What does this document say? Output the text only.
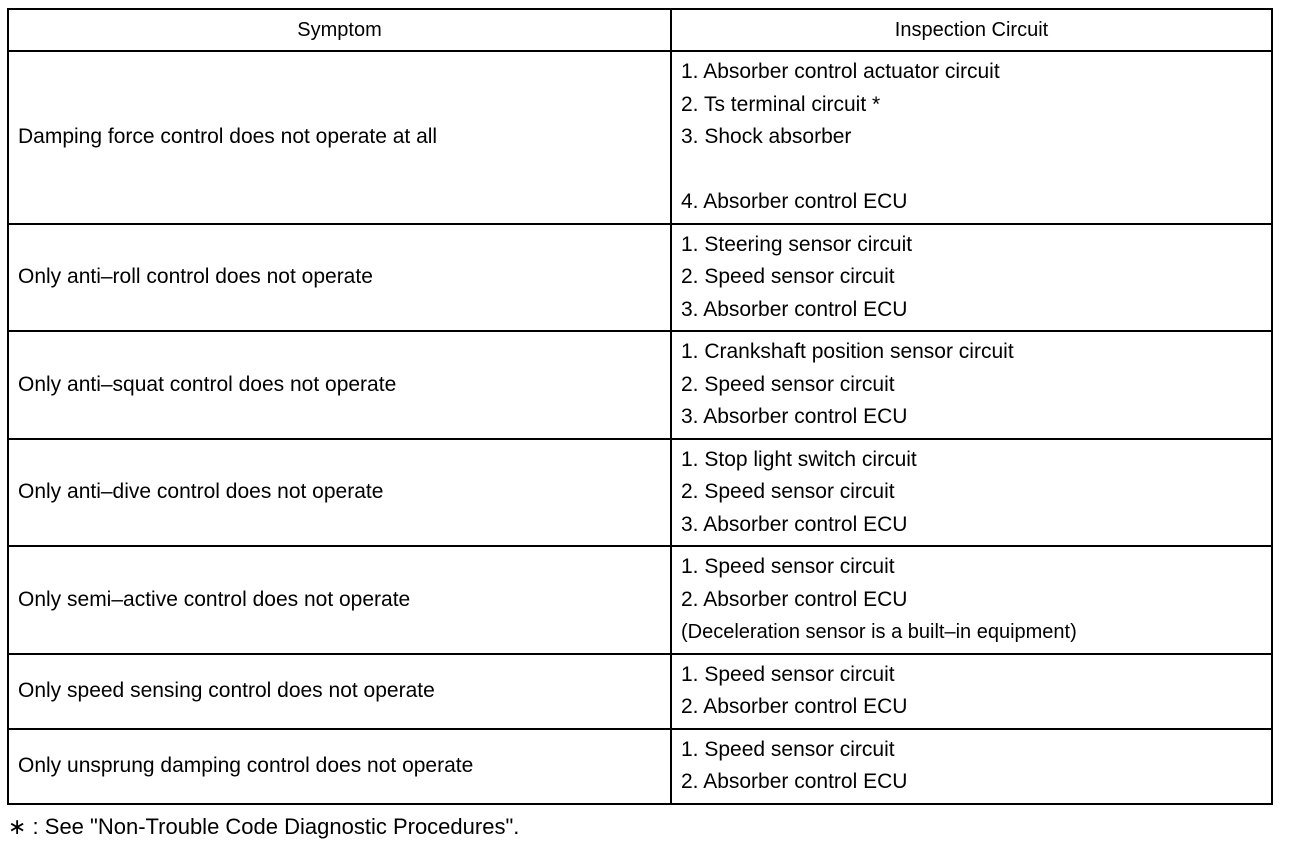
Symptom	Inspection Circuit
Damping force control does not operate at all	1. Absorber control actuator circuit
2. Ts terminal circuit *
3. Shock absorber
4. Absorber control ECU

Only anti–roll control does not operate	1. Steering sensor circuit
2. Speed sensor circuit
3. Absorber control ECU

Only anti–squat control does not operate	1. Crankshaft position sensor circuit
2. Speed sensor circuit
3. Absorber control ECU

Only anti–dive control does not operate	1. Stop light switch circuit
2. Speed sensor circuit
3. Absorber control ECU

Only semi–active control does not operate	1. Speed sensor circuit
2. Absorber control ECU
(Deceleration sensor is a built–in equipment)

Only speed sensing control does not operate	1. Speed sensor circuit
2. Absorber control ECU

Only unsprung damping control does not operate	1. Speed sensor circuit
2. Absorber control ECU
∗ : See "Non-Trouble Code Diagnostic Procedures".
